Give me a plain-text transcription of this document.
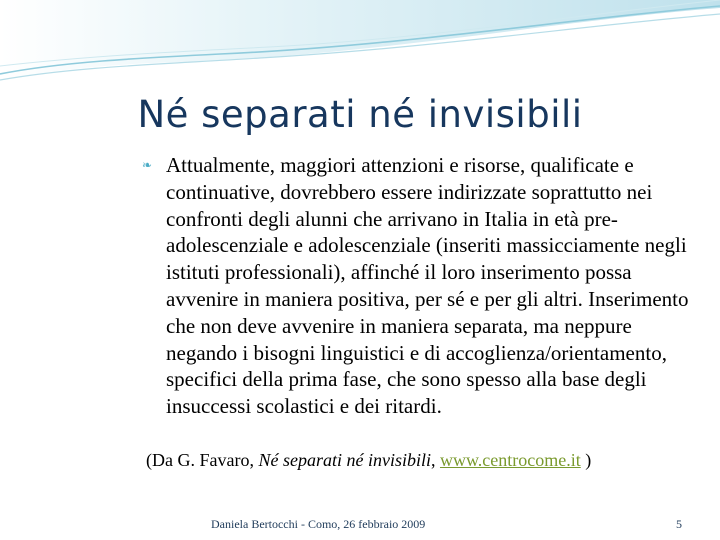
Né separati né invisibili

❧ Attualmente, maggiori attenzioni e risorse, qualificate e continuative, dovrebbero essere indirizzate soprattutto nei confronti degli alunni che arrivano in Italia in età pre-adolescenziale e adolescenziale (inseriti massicciamente negli istituti professionali), affinché il loro inserimento possa avvenire in maniera positiva, per sé e per gli altri. Inserimento che non deve avvenire in maniera separata, ma neppure negando i bisogni linguistici e di accoglienza/orientamento, specifici della prima fase, che sono spesso alla base degli insuccessi scolastici e dei ritardi.

(Da G. Favaro, Né separati né invisibili, www.centrocome.it )
Daniela Bertocchi - Como, 26 febbraio 2009	5
